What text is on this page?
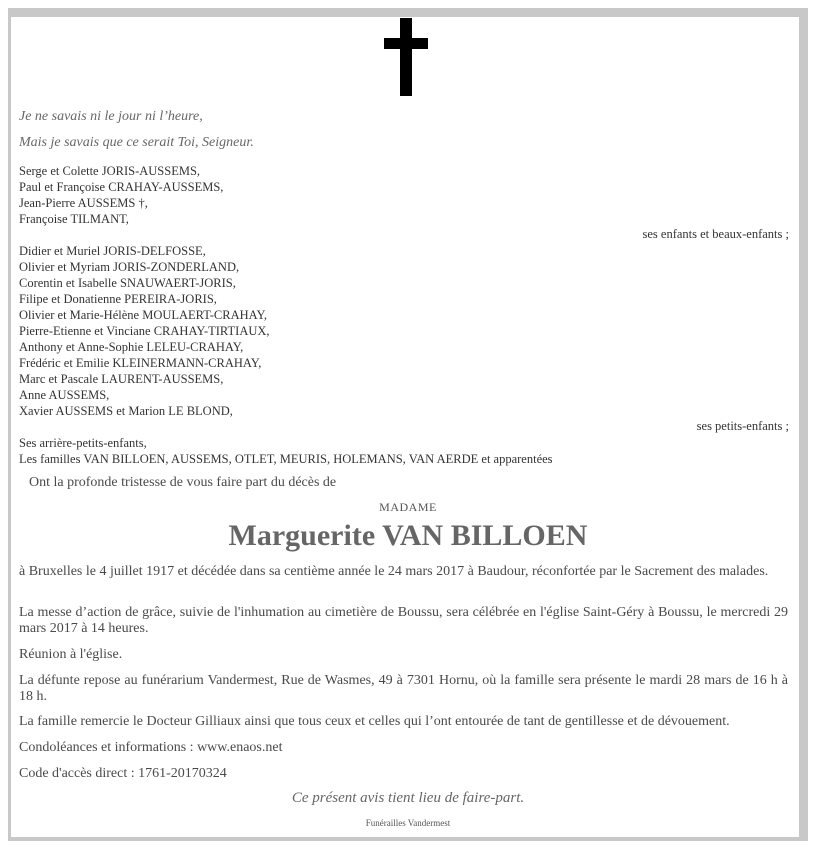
Je ne savais ni le jour ni l’heure,
Mais je savais que ce serait Toi, Seigneur.
Serge et Colette JORIS-AUSSEMS,
Paul et Françoise CRAHAY-AUSSEMS,
Jean-Pierre AUSSEMS †,
Françoise TILMANT,
ses enfants et beaux-enfants ;
Didier et Muriel JORIS-DELFOSSE,
Olivier et Myriam JORIS-ZONDERLAND,
Corentin et Isabelle SNAUWAERT-JORIS,
Filipe et Donatienne PEREIRA-JORIS,
Olivier et Marie-Hélène MOULAERT-CRAHAY,
Pierre-Etienne et Vinciane CRAHAY-TIRTIAUX,
Anthony et Anne-Sophie LELEU-CRAHAY,
Frédéric et Emilie KLEINERMANN-CRAHAY,
Marc et Pascale LAURENT-AUSSEMS,
Anne AUSSEMS,
Xavier AUSSEMS et Marion LE BLOND,
ses petits-enfants ;
Ses arrière-petits-enfants,
Les familles VAN BILLOEN, AUSSEMS, OTLET, MEURIS, HOLEMANS, VAN AERDE et apparentées
Ont la profonde tristesse de vous faire part du décès de
MADAME
Marguerite VAN BILLOEN
à Bruxelles le 4 juillet 1917 et décédée dans sa centième année le 24 mars 2017 à Baudour, réconfortée par le Sacrement des malades.
La messe d’action de grâce, suivie de l'inhumation au cimetière de Boussu, sera célébrée en l'église Saint-Géry à Boussu, le mercredi 29 mars 2017 à 14 heures.
Réunion à l'église.
La défunte repose au funérarium Vandermest, Rue de Wasmes, 49 à 7301 Hornu, où la famille sera présente le mardi 28 mars de 16 h à 18 h.
La famille remercie le Docteur Gilliaux ainsi que tous ceux et celles qui l’ont entourée de tant de gentillesse et de dévouement.
Condoléances et informations : www.enaos.net
Code d'accès direct : 1761-20170324
Ce présent avis tient lieu de faire-part.
Funérailles Vandermest
